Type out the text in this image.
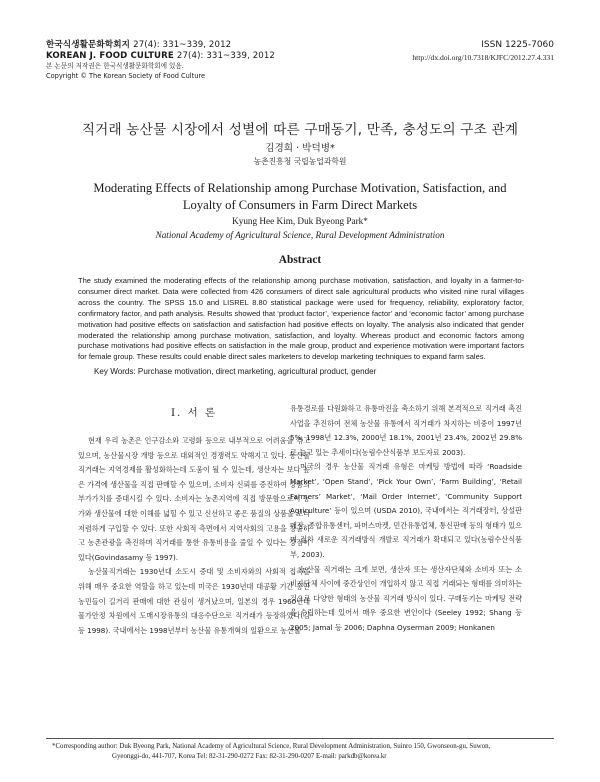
한국식생활문화학회지 27(4): 331~339, 2012
KOREAN J. FOOD CULTURE 27(4): 331~339, 2012
본 논문의 저작권은 한국식생활문화학회에 있음.
Copyright © The Korean Society of Food Culture
ISSN 1225-7060
http://dx.doi.org/10.7318/KJFC/2012.27.4.331
직거래 농산물 시장에서 성별에 따른 구매동기, 만족, 충성도의 구조 관계
김경희 · 박덕병*
농촌진흥청 국립농업과학원
Moderating Effects of Relationship among Purchase Motivation, Satisfaction, and Loyalty of Consumers in Farm Direct Markets
Kyung Hee Kim, Duk Byeong Park*
National Academy of Agricultural Science, Rural Development Administration
Abstract
The study examined the moderating effects of the relationship among purchase motivation, satisfaction, and loyalty in a farmer-to-consumer direct market. Data were collected from 426 consumers of direct sale agricultural products who visited nine rural villages across the country. The SPSS 15.0 and LISREL 8.80 statistical package were used for frequency, reliability, exploratory factor, confirmatory factor, and path analysis. Results showed that ‘product factor’, ‘experience factor’ and ‘economic factor’ among purchase motivation had positive effects on satisfaction and satisfaction had positive effects on loyalty. The analysis also indicated that gender moderated the relationship among purchase motivation, satisfaction, and loyalty. Whereas product and economic factors among purchase motivations had positive effects on satisfaction in the male group, product and experience motivation were important factors for female group. These results could enable direct sales marketers to develop marketing techniques to expand farm sales.
Key Words: Purchase motivation, direct marketing, agricultural product, gender
I. 서 론

현재 우리 농촌은 인구감소와 고령화 등으로 내부적으로 어려움을 겪고 있으며, 농산물시장 개방 등으로 대외적인 경쟁력도 약해지고 있다. 농산물 직거래는 지역경제를 활성화하는데 도움이 될 수 있는데, 생산자는 보다 높은 가격에 생산물을 직접 판매할 수 있으며, 소비자 신뢰를 증진하여 상품의 부가가치를 증대시킬 수 있다. 소비자는 농촌지역에 직접 방문함으로써 농가와 생산물에 대한 이해를 넓힐 수 있고 신선하고 좋은 품질의 상품을 보다 저렴하게 구입할 수 있다. 또한 사회적 측면에서 지역사회의 고용을 창출하고 농촌관광을 촉진하며 직거래를 통한 유통비용을 줄일 수 있다는 장점이 있다(Govindasamy 등 1997).

농산물직거래는 1930년대 소도시 증대 및 소비자와의 사회적 접촉을 위해 매우 중요한 역할을 하고 있는데 미국은 1930년대 대공황 기간 동안 농민들이 길거리 판매에 대한 관심이 생겨났으며, 일본의 경우 1960년대 물가안정 차원에서 도매시장유통의 대응수단으로 직거래가 등장하였다(김 등 1998). 국내에서는 1998년부터 농산물 유통개혁의 일환으로 농산물

유통경로를 다원화하고 유통마진을 축소하기 위해 본격적으로 직거래 촉진 사업을 추진하여 전체 농산물 유통에서 직거래가 차지하는 비중이 1997년 5%, 1998년 12.3%, 2000년 18.1%, 2001년 23.4%, 2002년 29.8%로 늘고 있는 추세이다(농림수산식품부 보도자료 2003).

미국의 경우 농산물 직거래 유형은 마케팅 방법에 따라 ‘Roadside Market’, ‘Open Stand’, ‘Pick Your Own’, ‘Farm Building’, ‘Retail Farmers’ Market’, ‘Mail Order Internet’, ‘Community Support Agriculture’ 등이 있으며 (USDA 2010), 국내에서는 직거래장터, 상설판매장, 종합유통센터, 파머스마켓, 민간유통업체, 통신판매 등의 형태가 있으며 점차 새로운 직거래방식 개발로 직거래가 확대되고 있다(농림수산식품부, 2003).

농산물 직거래는 크게 보면, 생산자 또는 생산자단체와 소비자 또는 소비자단체 사이에 중간상인이 개입하지 않고 직접 거래되는 형태를 의미하는 것으로 다양한 형태의 농산물 직거래 방식이 있다. 구매동기는 마케팅 전략을 수립하는데 있어서 매우 중요한 변인이다 (Seeley 1992; Shang 등 2005; Jamal 등 2006; Daphna Oyserman 2009; Honkanen

*Corresponding author: Duk Byeong Park, National Academy of Agricultural Science, Rural Development Administration, Suinro 150, Gwonseon-gu, Suwon,
Gyeonggi-do, 441-707, Korea Tel: 82-31-290-0272 Fax: 82-31-290-0207 E-mail: parkdb@korea.kr
